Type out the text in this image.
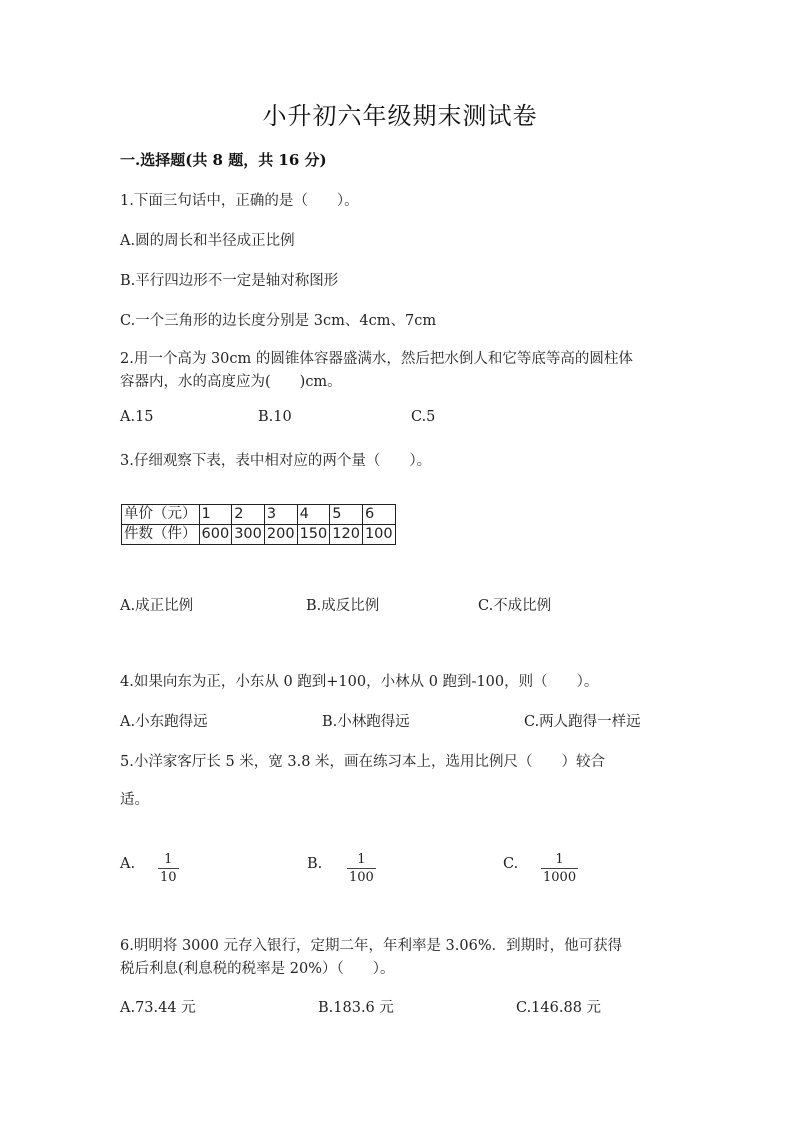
小升初六年级期末测试卷
一.选择题(共 8 题，共 16 分)
1.下面三句话中，正确的是（　　）。
A.圆的周长和半径成正比例
B.平行四边形不一定是轴对称图形
C.一个三角形的边长度分别是 3cm、4cm、7cm
2.用一个高为 30cm 的圆锥体容器盛满水，然后把水倒人和它等底等高的圆柱体
容器内，水的高度应为(　　)cm。
A.15	B.10	C.5
3.仔细观察下表，表中相对应的两个量（　　）。
单价（元）	1	2	3	4	5	6
件数（件）	600	300	200	150	120	100
A.成正比例	B.成反比例	C.不成比例
4.如果向东为正，小东从 0 跑到+100，小林从 0 跑到-100，则（　　）。
A.小东跑得远	B.小林跑得远	C.两人跑得一样远
5.小洋家客厅长 5 米，宽 3.8 米，画在练习本上，选用比例尺（　　）较合
适。
A. $\frac{1}{10}$	B. $\frac{1}{100}$	C. $\frac{1}{1000}$
6.明明将 3000 元存入银行，定期二年，年利率是 3.06%．到期时，他可获得
税后利息(利息税的税率是 20%）（　　）。
A.73.44 元	B.183.6 元	C.146.88 元
